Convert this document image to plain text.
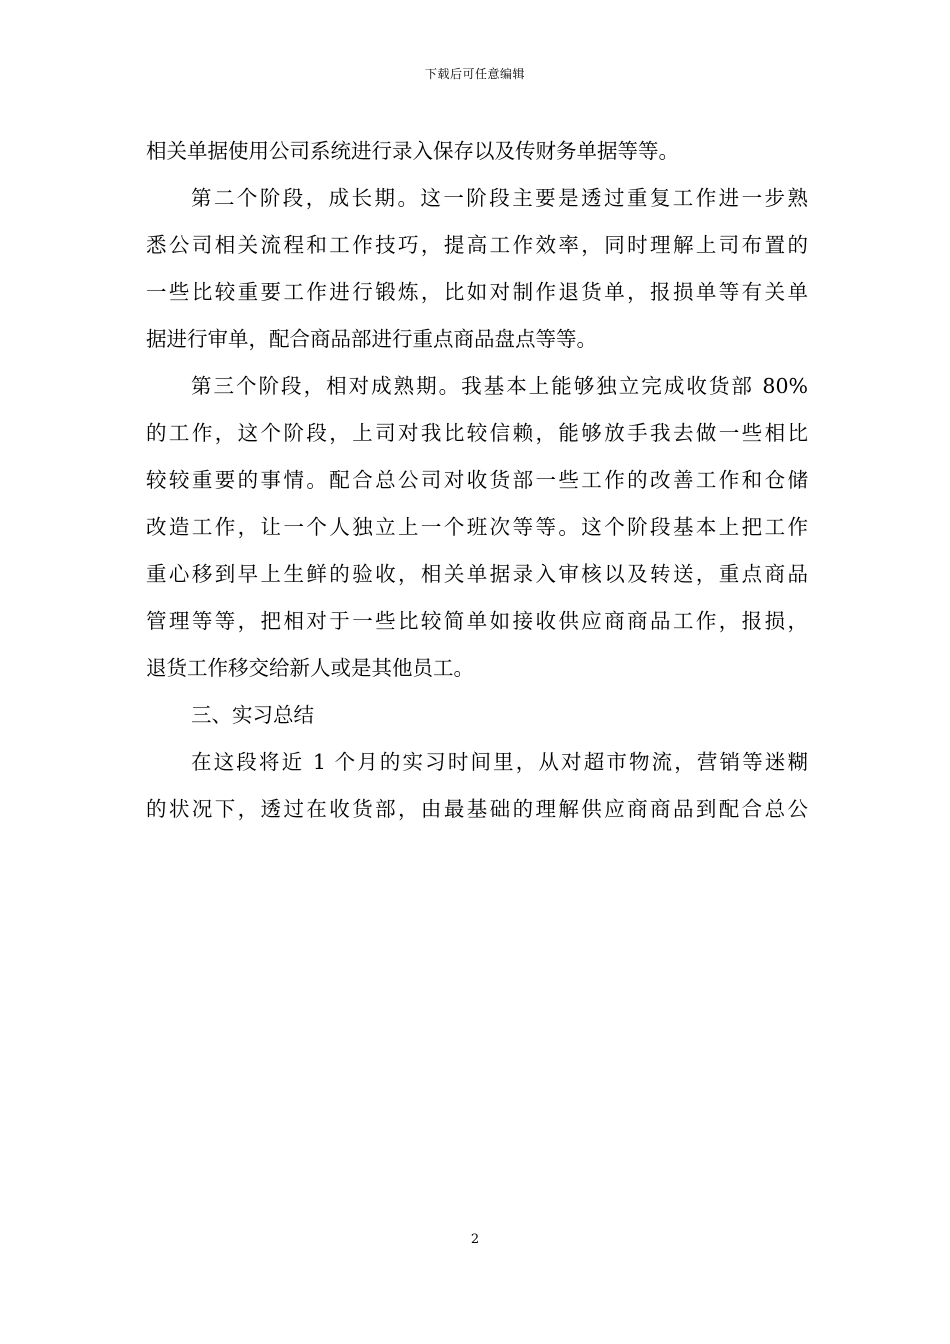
下载后可任意编辑

相关单据使用公司系统进行录入保存以及传财务单据等等。

第二个阶段，成长期。这一阶段主要是透过重复工作进一步熟
悉公司相关流程和工作技巧，提高工作效率，同时理解上司布置的
一些比较重要工作进行锻炼，比如对制作退货单，报损单等有关单
据进行审单，配合商品部进行重点商品盘点等等。

第三个阶段，相对成熟期。我基本上能够独立完成收货部 80%
的工作，这个阶段，上司对我比较信赖，能够放手我去做一些相比
较较重要的事情。配合总公司对收货部一些工作的改善工作和仓储
改造工作，让一个人独立上一个班次等等。这个阶段基本上把工作
重心移到早上生鲜的验收，相关单据录入审核以及转送，重点商品
管理等等，把相对于一些比较简单如接收供应商商品工作，报损，
退货工作移交给新人或是其他员工。

三、实习总结

在这段将近 1 个月的实习时间里，从对超市物流，营销等迷糊
的状况下，透过在收货部，由最基础的理解供应商商品到配合总公

2
